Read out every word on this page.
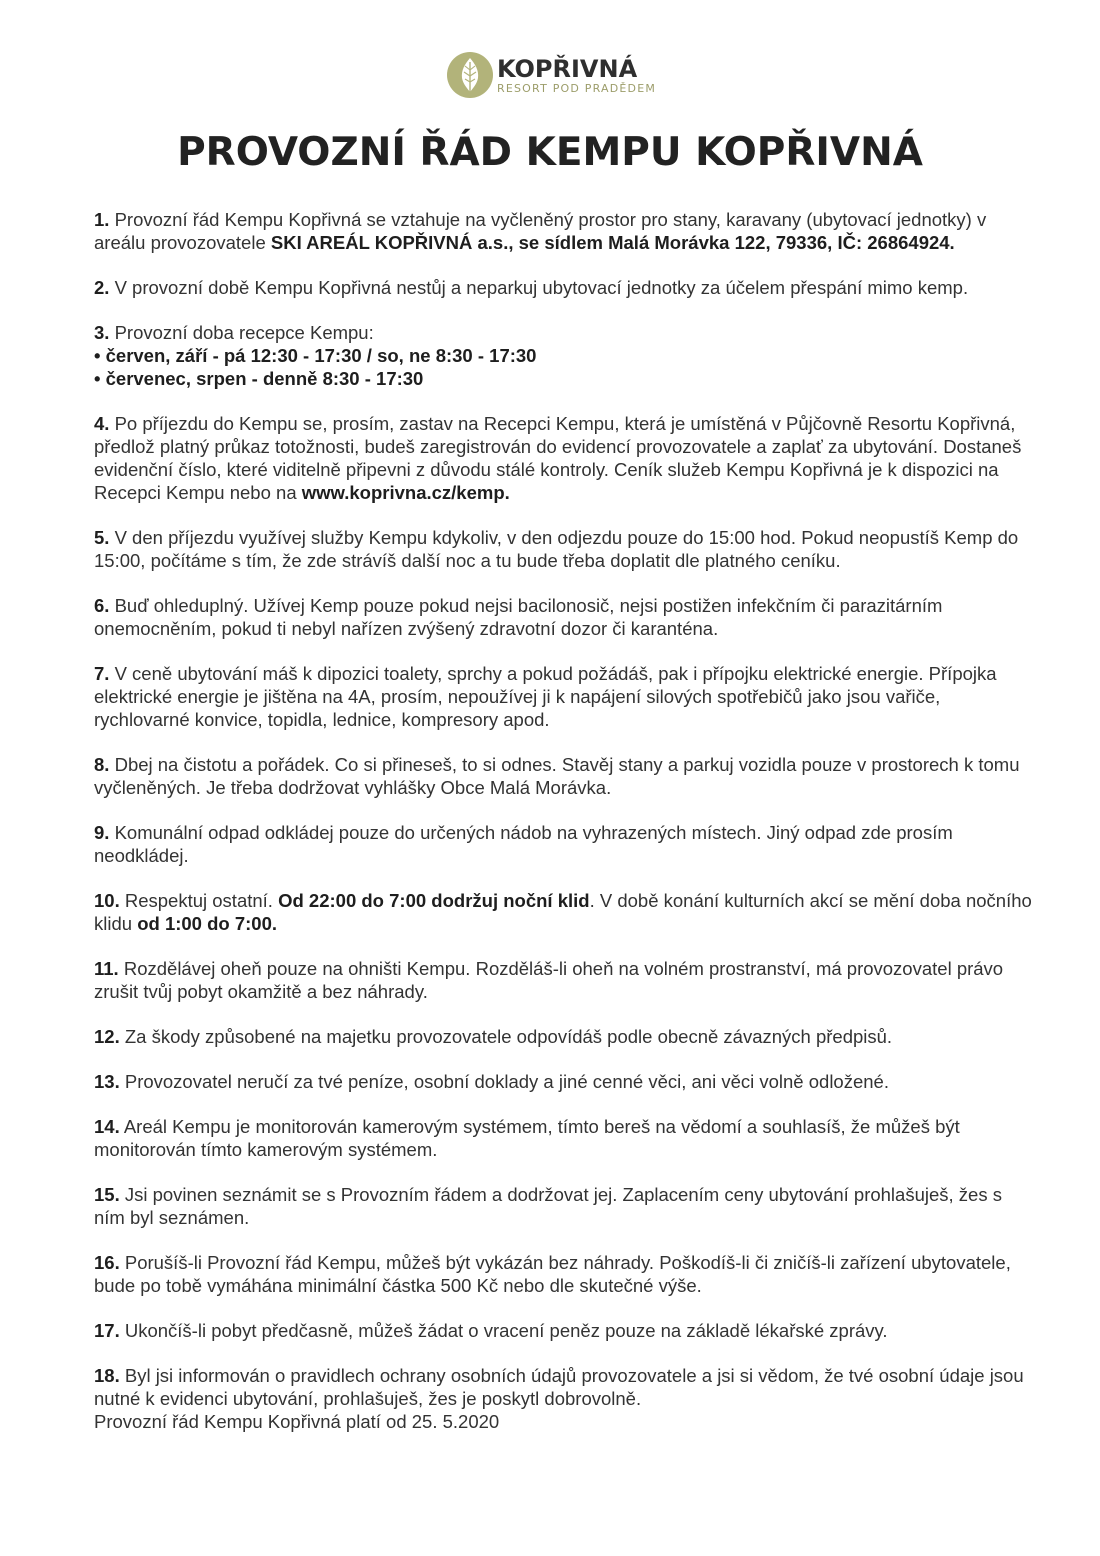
KOPŘIVNÁ
RESORT POD PRADĚDEM
PROVOZNÍ ŘÁD KEMPU KOPŘIVNÁ

1. Provozní řád Kempu Kopřivná se vztahuje na vyčleněný prostor pro stany, karavany (ubytovací jednotky) v areálu provozovatele SKI AREÁL KOPŘIVNÁ a.s., se sídlem Malá Morávka 122, 79336, IČ: 26864924.

2. V provozní době Kempu Kopřivná nestůj a neparkuj ubytovací jednotky za účelem přespání mimo kemp.

3. Provozní doba recepce Kempu:
• červen, září - pá 12:30 - 17:30 / so, ne 8:30 - 17:30
• červenec, srpen - denně 8:30 - 17:30

4. Po příjezdu do Kempu se, prosím, zastav na Recepci Kempu, která je umístěná v Půjčovně Resortu Kopřivná, předlož platný průkaz totožnosti, budeš zaregistrován do evidencí provozovatele a zaplať za ubytování. Dostaneš evidenční číslo, které viditelně připevni z důvodu stálé kontroly. Ceník služeb Kempu Kopřivná je k dispozici na Recepci Kempu nebo na www.koprivna.cz/kemp.

5. V den příjezdu využívej služby Kempu kdykoliv, v den odjezdu pouze do 15:00 hod. Pokud neopustíš Kemp do 15:00, počítáme s tím, že zde strávíš další noc a tu bude třeba doplatit dle platného ceníku.

6. Buď ohleduplný. Užívej Kemp pouze pokud nejsi bacilonosič, nejsi postižen infekčním či parazitárním onemocněním, pokud ti nebyl nařízen zvýšený zdravotní dozor či karanténa.

7. V ceně ubytování máš k dipozici toalety, sprchy a pokud požádáš, pak i přípojku elektrické energie. Přípojka elektrické energie je jištěna na 4A, prosím, nepoužívej ji k napájení silových spotřebičů jako jsou vařiče, rychlovarné konvice, topidla, lednice, kompresory apod.

8. Dbej na čistotu a pořádek. Co si přineseš, to si odnes. Stavěj stany a parkuj vozidla pouze v prostorech k tomu vyčleněných. Je třeba dodržovat vyhlášky Obce Malá Morávka.

9. Komunální odpad odkládej pouze do určených nádob na vyhrazených místech. Jiný odpad zde prosím neodkládej.

10. Respektuj ostatní. Od 22:00 do 7:00 dodržuj noční klid. V době konání kulturních akcí se mění doba nočního klidu od 1:00 do 7:00.

11. Rozdělávej oheň pouze na ohništi Kempu. Rozděláš-li oheň na volném prostranství, má provozovatel právo zrušit tvůj pobyt okamžitě a bez náhrady.

12. Za škody způsobené na majetku provozovatele odpovídáš podle obecně závazných předpisů.

13. Provozovatel neručí za tvé peníze, osobní doklady a jiné cenné věci, ani věci volně odložené.

14. Areál Kempu je monitorován kamerovým systémem, tímto bereš na vědomí a souhlasíš, že můžeš být monitorován tímto kamerovým systémem.

15. Jsi povinen seznámit se s Provozním řádem a dodržovat jej. Zaplacením ceny ubytování prohlašuješ, žes s ním byl seznámen.

16. Porušíš-li Provozní řád Kempu, můžeš být vykázán bez náhrady. Poškodíš-li či zničíš-li zařízení ubytovatele, bude po tobě vymáhána minimální částka 500 Kč nebo dle skutečné výše.

17. Ukončíš-li pobyt předčasně, můžeš žádat o vracení peněz pouze na základě lékařské zprávy.

18. Byl jsi informován o pravidlech ochrany osobních údajů provozovatele a jsi si vědom, že tvé osobní údaje jsou nutné k evidenci ubytování, prohlašuješ, žes je poskytl dobrovolně.
Provozní řád Kempu Kopřivná platí od 25. 5.2020
